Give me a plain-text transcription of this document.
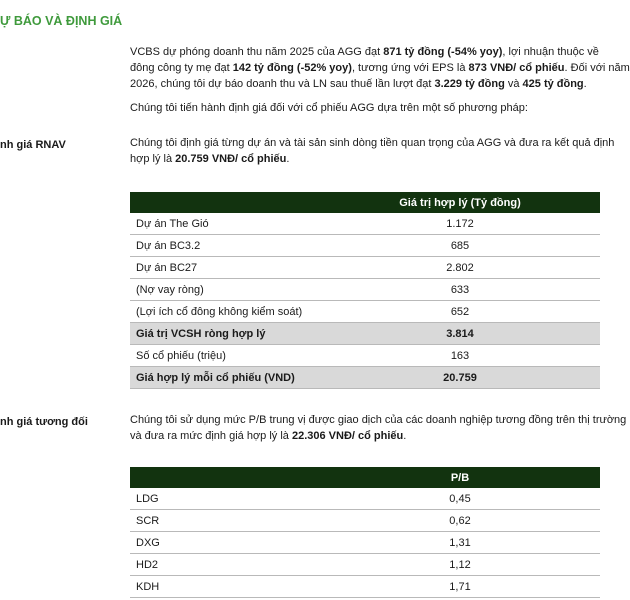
Ự BÁO VÀ ĐỊNH GIÁ
VCBS dự phóng doanh thu năm 2025 của AGG đạt 871 tỷ đồng (-54% yoy), lợi nhuận thuộc về
đông công ty mẹ đạt 142 tỷ đồng (-52% yoy), tương ứng với EPS là 873 VNĐ/ cổ phiếu. Đối với năm
2026, chúng tôi dự báo doanh thu và LN sau thuế lần lượt đạt 3.229 tỷ đồng và 425 tỷ đồng.
Chúng tôi tiến hành định giá đối với cổ phiếu AGG dựa trên một số phương pháp:
nh giá RNAV	Chúng tôi định giá từng dự án và tài sản sinh dòng tiền quan trọng của AGG và đưa ra kết quả định
hợp lý là 20.759 VNĐ/ cổ phiếu.
	Giá trị hợp lý (Tỷ đồng)
Dự án The Gió	1.172
Dự án BC3.2	685
Dự án BC27	2.802
(Nợ vay ròng)	633
(Lợi ích cổ đông không kiểm soát)	652
Giá trị VCSH ròng hợp lý	3.814
Số cổ phiếu (triệu)	163
Giá hợp lý mỗi cổ phiếu (VND)	20.759
nh giá tương đối	Chúng tôi sử dụng mức P/B trung vị được giao dịch của các doanh nghiệp tương đồng trên thị trường
và đưa ra mức định giá hợp lý là 22.306 VNĐ/ cổ phiếu.
	P/B
LDG	0,45
SCR	0,62
DXG	1,31
HD2	1,12
KDH	1,71
